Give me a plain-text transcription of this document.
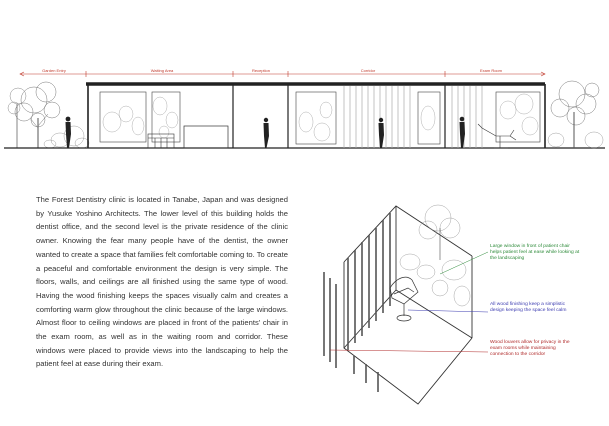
Garden Entry	Waiting Area	Reception	Corridor	Exam Room

The Forest Dentistry clinic is located in Tanabe, Japan and was designed by Yusuke Yoshino Architects. The lower level of this building holds the dentist office, and the second level is the private residence of the clinic owner. Knowing the fear many people have of the dentist, the owner wanted to create a space that families felt comfortable coming to. To create a peaceful and comfortable environment the design is very simple. The floors, walls, and ceilings are all finished using the same type of wood. Having the wood finishing keeps the spaces visually calm and creates a comforting warm glow throughout the clinic because of the large windows. Almost floor to ceiling windows are placed in front of the patients' chair in the exam room, as well as in the waiting room and corridor. These windows were placed to provide views into the landscaping to help the patient feel at ease during their exam.

Large window in front of patient chair helps patient feel at ease while looking at the landscaping

All wood finishing keep a simplistic design keeping the space feel calm

Wood louvers allow for privacy in the exam rooms while maintaining connection to the corridor
